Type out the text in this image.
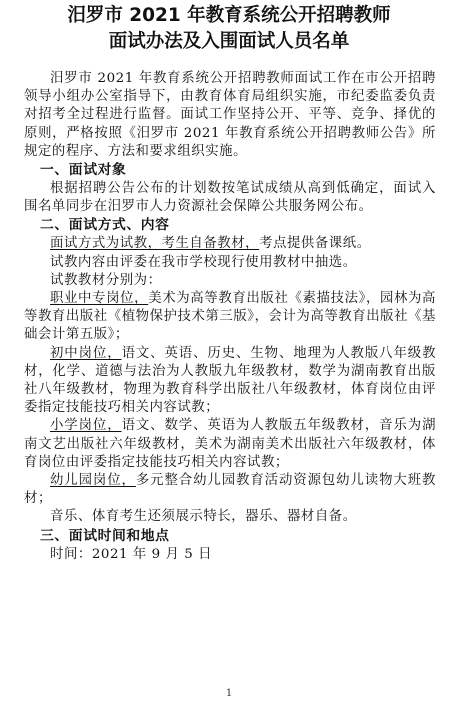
汨罗市 2021 年教育系统公开招聘教师
面试办法及入围面试人员名单

汨罗市 2021 年教育系统公开招聘教师面试工作在市公开招聘领导小组办公室指导下，由教育体育局组织实施，市纪委监委负责对招考全过程进行监督。面试工作坚持公开、平等、竞争、择优的原则，严格按照《汨罗市 2021 年教育系统公开招聘教师公告》所规定的程序、方法和要求组织实施。

一、面试对象

根据招聘公告公布的计划数按笔试成绩从高到低确定，面试入围名单同步在汨罗市人力资源社会保障公共服务网公布。

二、面试方式、内容

面试方式为试教，考生自备教材，考点提供备课纸。

试教内容由评委在我市学校现行使用教材中抽选。

试教教材分别为：

职业中专岗位，美术为高等教育出版社《素描技法》，园林为高等教育出版社《植物保护技术第三版》，会计为高等教育出版社《基础会计第五版》；

初中岗位，语文、英语、历史、生物、地理为人教版八年级教材，化学、道德与法治为人教版九年级教材，数学为湖南教育出版社八年级教材，物理为教育科学出版社八年级教材，体育岗位由评委指定技能技巧相关内容试教；

小学岗位，语文、数学、英语为人教版五年级教材，音乐为湖南文艺出版社六年级教材，美术为湖南美术出版社六年级教材，体育岗位由评委指定技能技巧相关内容试教；

幼儿园岗位，多元整合幼儿园教育活动资源包幼儿读物大班教材；

音乐、体育考生还须展示特长，器乐、器材自备。

三、面试时间和地点

时间：2021 年 9 月 5 日

1
